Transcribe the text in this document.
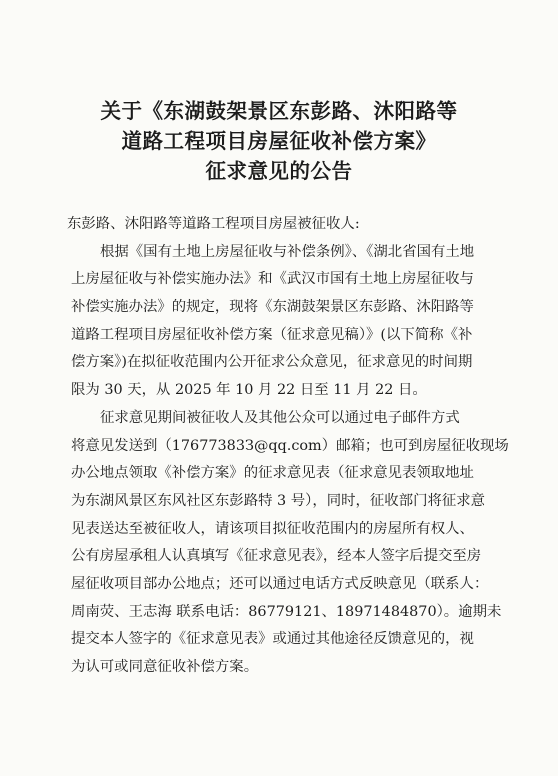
关于《东湖鼓架景区东彭路、沐阳路等
道路工程项目房屋征收补偿方案》
征求意见的公告
东彭路、沐阳路等道路工程项目房屋被征收人:
根据《国有土地上房屋征收与补偿条例》、《湖北省国有土地
上房屋征收与补偿实施办法》和《武汉市国有土地上房屋征收与
补偿实施办法》的规定，现将《东湖鼓架景区东彭路、沐阳路等
道路工程项目房屋征收补偿方案（征求意见稿）》(以下简称《补
偿方案》)在拟征收范围内公开征求公众意见，征求意见的时间期
限为 30 天，从 2025 年 10 月 22 日至 11 月 22 日。
征求意见期间被征收人及其他公众可以通过电子邮件方式
将意见发送到（17677383З@qq.com）邮箱；也可到房屋征收现场
办公地点领取《补偿方案》的征求意见表（征求意见表领取地址
为东湖风景区东风社区东彭路特 3 号），同时，征收部门将征求意
见表送达至被征收人，请该项目拟征收范围内的房屋所有权人、
公有房屋承租人认真填写《征求意见表》，经本人签字后提交至房
屋征收项目部办公地点；还可以通过电话方式反映意见（联系人：
周南荧、王志海 联系电话：86779121、18971484870）。逾期未
提交本人签字的《征求意见表》或通过其他途径反馈意见的，视
为认可或同意征收补偿方案。
